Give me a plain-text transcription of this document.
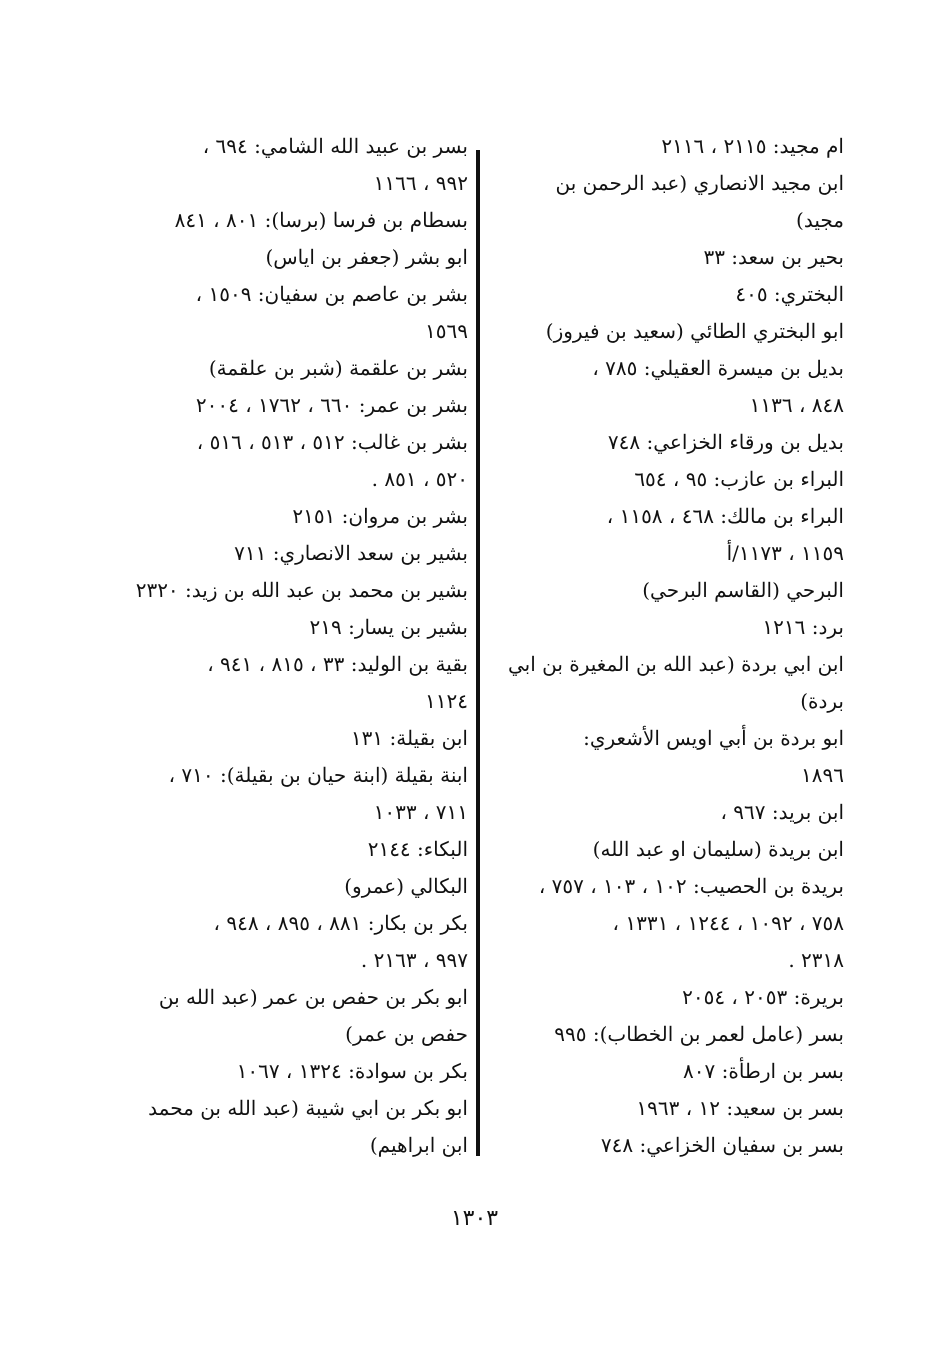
ام مجيد: ٢١١٥ ، ٢١١٦
ابن مجيد الانصاري (عبد الرحمن بن
مجيد)
بحير بن سعد: ٣٣
البختري: ٤٠٥
ابو البختري الطائي (سعيد بن فيروز)
بديل بن ميسرة العقيلي: ٧٨٥ ،
٨٤٨ ، ١١٣٦
بديل بن ورقاء الخزاعي: ٧٤٨
البراء بن عازب: ٩٥ ، ٦٥٤
البراء بن مالك: ٤٦٨ ، ١١٥٨ ،
١١٥٩ ، ١١٧٣/أ
البرحي (القاسم البرحي)
برد: ١٢١٦
ابن ابي بردة (عبد الله بن المغيرة بن ابي
بردة)
ابو بردة بن أبي اويس الأشعري:
١٨٩٦
ابن بريد: ٩٦٧ ،
ابن بريدة (سليمان او عبد الله)
بريدة بن الحصيب: ١٠٢ ، ١٠٣ ، ٧٥٧ ،
٧٥٨ ، ١٠٩٢ ، ١٢٤٤ ، ١٣٣١ ،
٢٣١٨ .
بريرة: ٢٠٥٣ ، ٢٠٥٤
بسر (عامل لعمر بن الخطاب): ٩٩٥
بسر بن ارطأة: ٨٠٧
بسر بن سعيد: ١٢ ، ١٩٦٣
بسر بن سفيان الخزاعي: ٧٤٨
بسر بن عبيد الله الشامي: ٦٩٤ ،
٩٩٢ ، ١١٦٦
بسطام بن فرسا (برسا): ٨٠١ ، ٨٤١
ابو بشر (جعفر بن اياس)
بشر بن عاصم بن سفيان: ١٥٠٩ ،
١٥٦٩
بشر بن علقمة (شبر بن علقمة)
بشر بن عمر: ٦٦٠ ، ١٧٦٢ ، ٢٠٠٤
بشر بن غالب: ٥١٢ ، ٥١٣ ، ٥١٦ ،
٥٢٠ ، ٨٥١ .
بشر بن مروان: ٢١٥١
بشير بن سعد الانصاري: ٧١١
بشير بن محمد بن عبد الله بن زيد: ٢٣٢٠
بشير بن يسار: ٢١٩
بقية بن الوليد: ٣٣ ، ٨١٥ ، ٩٤١ ،
١١٢٤
ابن بقيلة: ١٣١
ابنة بقيلة (ابنة حيان بن بقيلة): ٧١٠ ،
٧١١ ، ١٠٣٣
البكاء: ٢١٤٤
البكالي (عمرو)
بكر بن بكار: ٨٨١ ، ٨٩٥ ، ٩٤٨ ،
٩٩٧ ، ٢١٦٣ .
ابو بكر بن حفص بن عمر (عبد الله بن
حفص بن عمر)
بكر بن سوادة: ١٣٢٤ ، ١٠٦٧
ابو بكر بن ابي شيبة (عبد الله بن محمد
ابن ابراهيم)
١٣٠٣
